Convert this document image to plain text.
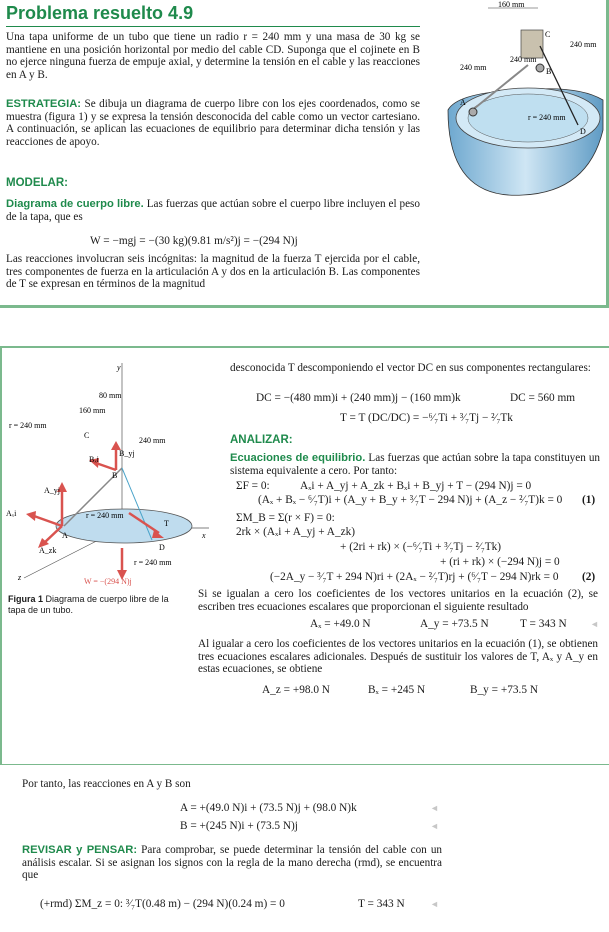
Problema resuelto 4.9
Una tapa uniforme de un tubo que tiene un radio r = 240 mm y una masa de 30 kg se mantiene en una posición horizontal por medio del cable CD. Suponga que el cojinete en B no ejerce ninguna fuerza de empuje axial, y determine la tensión en el cable y las reacciones en A y B.
ESTRATEGIA: Se dibuja un diagrama de cuerpo libre con los ejes coordenados, como se muestra (figura 1) y se expresa la tensión desconocida del cable como un vector cartesiano. A continuación, se aplican las ecuaciones de equilibrio para determinar dicha tensión y las reacciones de apoyo.
MODELAR:
Diagrama de cuerpo libre. Las fuerzas que actúan sobre el cuerpo libre incluyen el peso de la tapa, que es
W = −mgj = −(30 kg)(9.81 m/s²)j = −(294 N)j
Las reacciones involucran seis incógnitas: la magnitud de la fuerza T ejercida por el cable, tres componentes de fuerza en la articulación A y dos en la articulación B. Las componentes de T se expresan en términos de la magnitud
160 mm
C
240 mm
240 mm
240 mm	B
A
r = 240 mm
D
y
80 mm
160 mm
r = 240 mm
C
240 mm
B_yj
Bₓi
B
A_yj
Aₓi	r = 240 mm
T
A	x
A_zk	D
z
r = 240 mm
W = −(294 N)j
Figura 1 Diagrama de cuerpo libre de la tapa de un tubo.
desconocida T descomponiendo el vector DC en sus componentes rectangulares:
DC = −(480 mm)i + (240 mm)j − (160 mm)k	DC = 560 mm
T = T (DC/DC) = −⁶⁄₇Ti + ³⁄₇Tj − ²⁄₇Tk
ANALIZAR:
Ecuaciones de equilibrio. Las fuerzas que actúan sobre la tapa constituyen un sistema equivalente a cero. Por tanto:
ΣF = 0:	Aₓi + A_yj + A_zk + Bₓi + B_yj + T − (294 N)j = 0
(Aₓ + Bₓ − ⁶⁄₇T)i + (A_y + B_y + ³⁄₇T − 294 N)j + (A_z − ²⁄₇T)k = 0 (1)
ΣM_B = Σ(r × F) = 0:
2rk × (Aₓi + A_yj + A_zk)
+ (2ri + rk) × (−⁶⁄₇Ti + ³⁄₇Tj − ²⁄₇Tk)
+ (ri + rk) × (−294 N)j = 0
(−2A_y − ³⁄₇T + 294 N)ri + (2Aₓ − ²⁄₇T)rj + (⁶⁄₇T − 294 N)rk = 0 (2)
Si se igualan a cero los coeficientes de los vectores unitarios en la ecuación (2), se escriben tres ecuaciones escalares que proporcionan el siguiente resultado
Aₓ = +49.0 N	A_y = +73.5 N	T = 343 N	◄
Al igualar a cero los coeficientes de los vectores unitarios en la ecuación (1), se obtienen tres ecuaciones escalares adicionales. Después de sustituir los valores de T, Aₓ y A_y en estas ecuaciones, se obtiene
A_z = +98.0 N	Bₓ = +245 N	B_y = +73.5 N
Por tanto, las reacciones en A y B son
A = +(49.0 N)i + (73.5 N)j + (98.0 N)k	◄
B = +(245 N)i + (73.5 N)j	◄
REVISAR y PENSAR: Para comprobar, se puede determinar la tensión del cable con un análisis escalar. Si se asignan los signos con la regla de la mano derecha (rmd), se encuentra que
(+rmd) ΣM_z = 0: ³⁄₇T(0.48 m) − (294 N)(0.24 m) = 0	T = 343 N	◄
